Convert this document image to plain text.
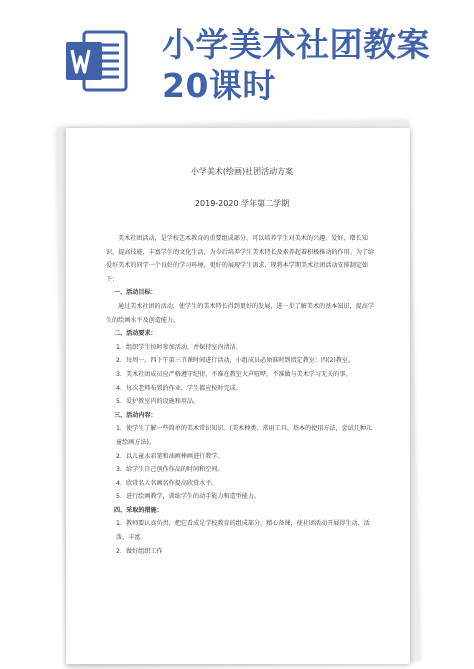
小学美术社团教案
20课时

小学美术(绘画)社团活动方案

2019-2020 学年第二学期

美术社团活动，是学校艺术教育的重要组成部分，可以培养学生对美术的兴趣，爱好，增长知识，提高技能，丰富学生的文化生活，为今后培养学生美术特长及素养起着积极推动的作用。为了给爱好美术的同学一个良好的学习环境，更好的展现学生需求，现将本学期美术社团活动安排制定如下：

一、活动目标：

通过美术社团的活动，使学生的美术特长得到更好的发展，进一步了解美术的基本知识，提高学生的绘画水平及创造能力。

二、活动要求：

1．组织学生按时参加活动，并保持室内清洁。

2．每周一、四下午第三节课时间进行活动，小组成员必须准时到指定教室：四(2)教室。

3．美术社团成员应严格遵守纪律，不准在教室大声喧哗，不准做与美术学习无关的事。

4．每次老师布置的作业，学生都应按时完成。

5．爱护教室内的设施和用品。

三、活动内容：

1．使学生了解一些简单的美术常识知识。(美术种类、常用工具、基本的使用方法，尝试几种儿童绘画方法)。

2．以儿童水彩笔和油画棒画进行教学。

3．给学生自己创作作品的时间和空间。

4．欣赏名人名画名作提高欣赏水平。

5．进行绘画教学，训练学生的动手能力和造型能力。

四、采取的措施：

1．教师要认真负责，把它看成是学校教育的组成部分，精心备课，使社团活动开展得生动、活泼、丰富。

2．做好组织工作
